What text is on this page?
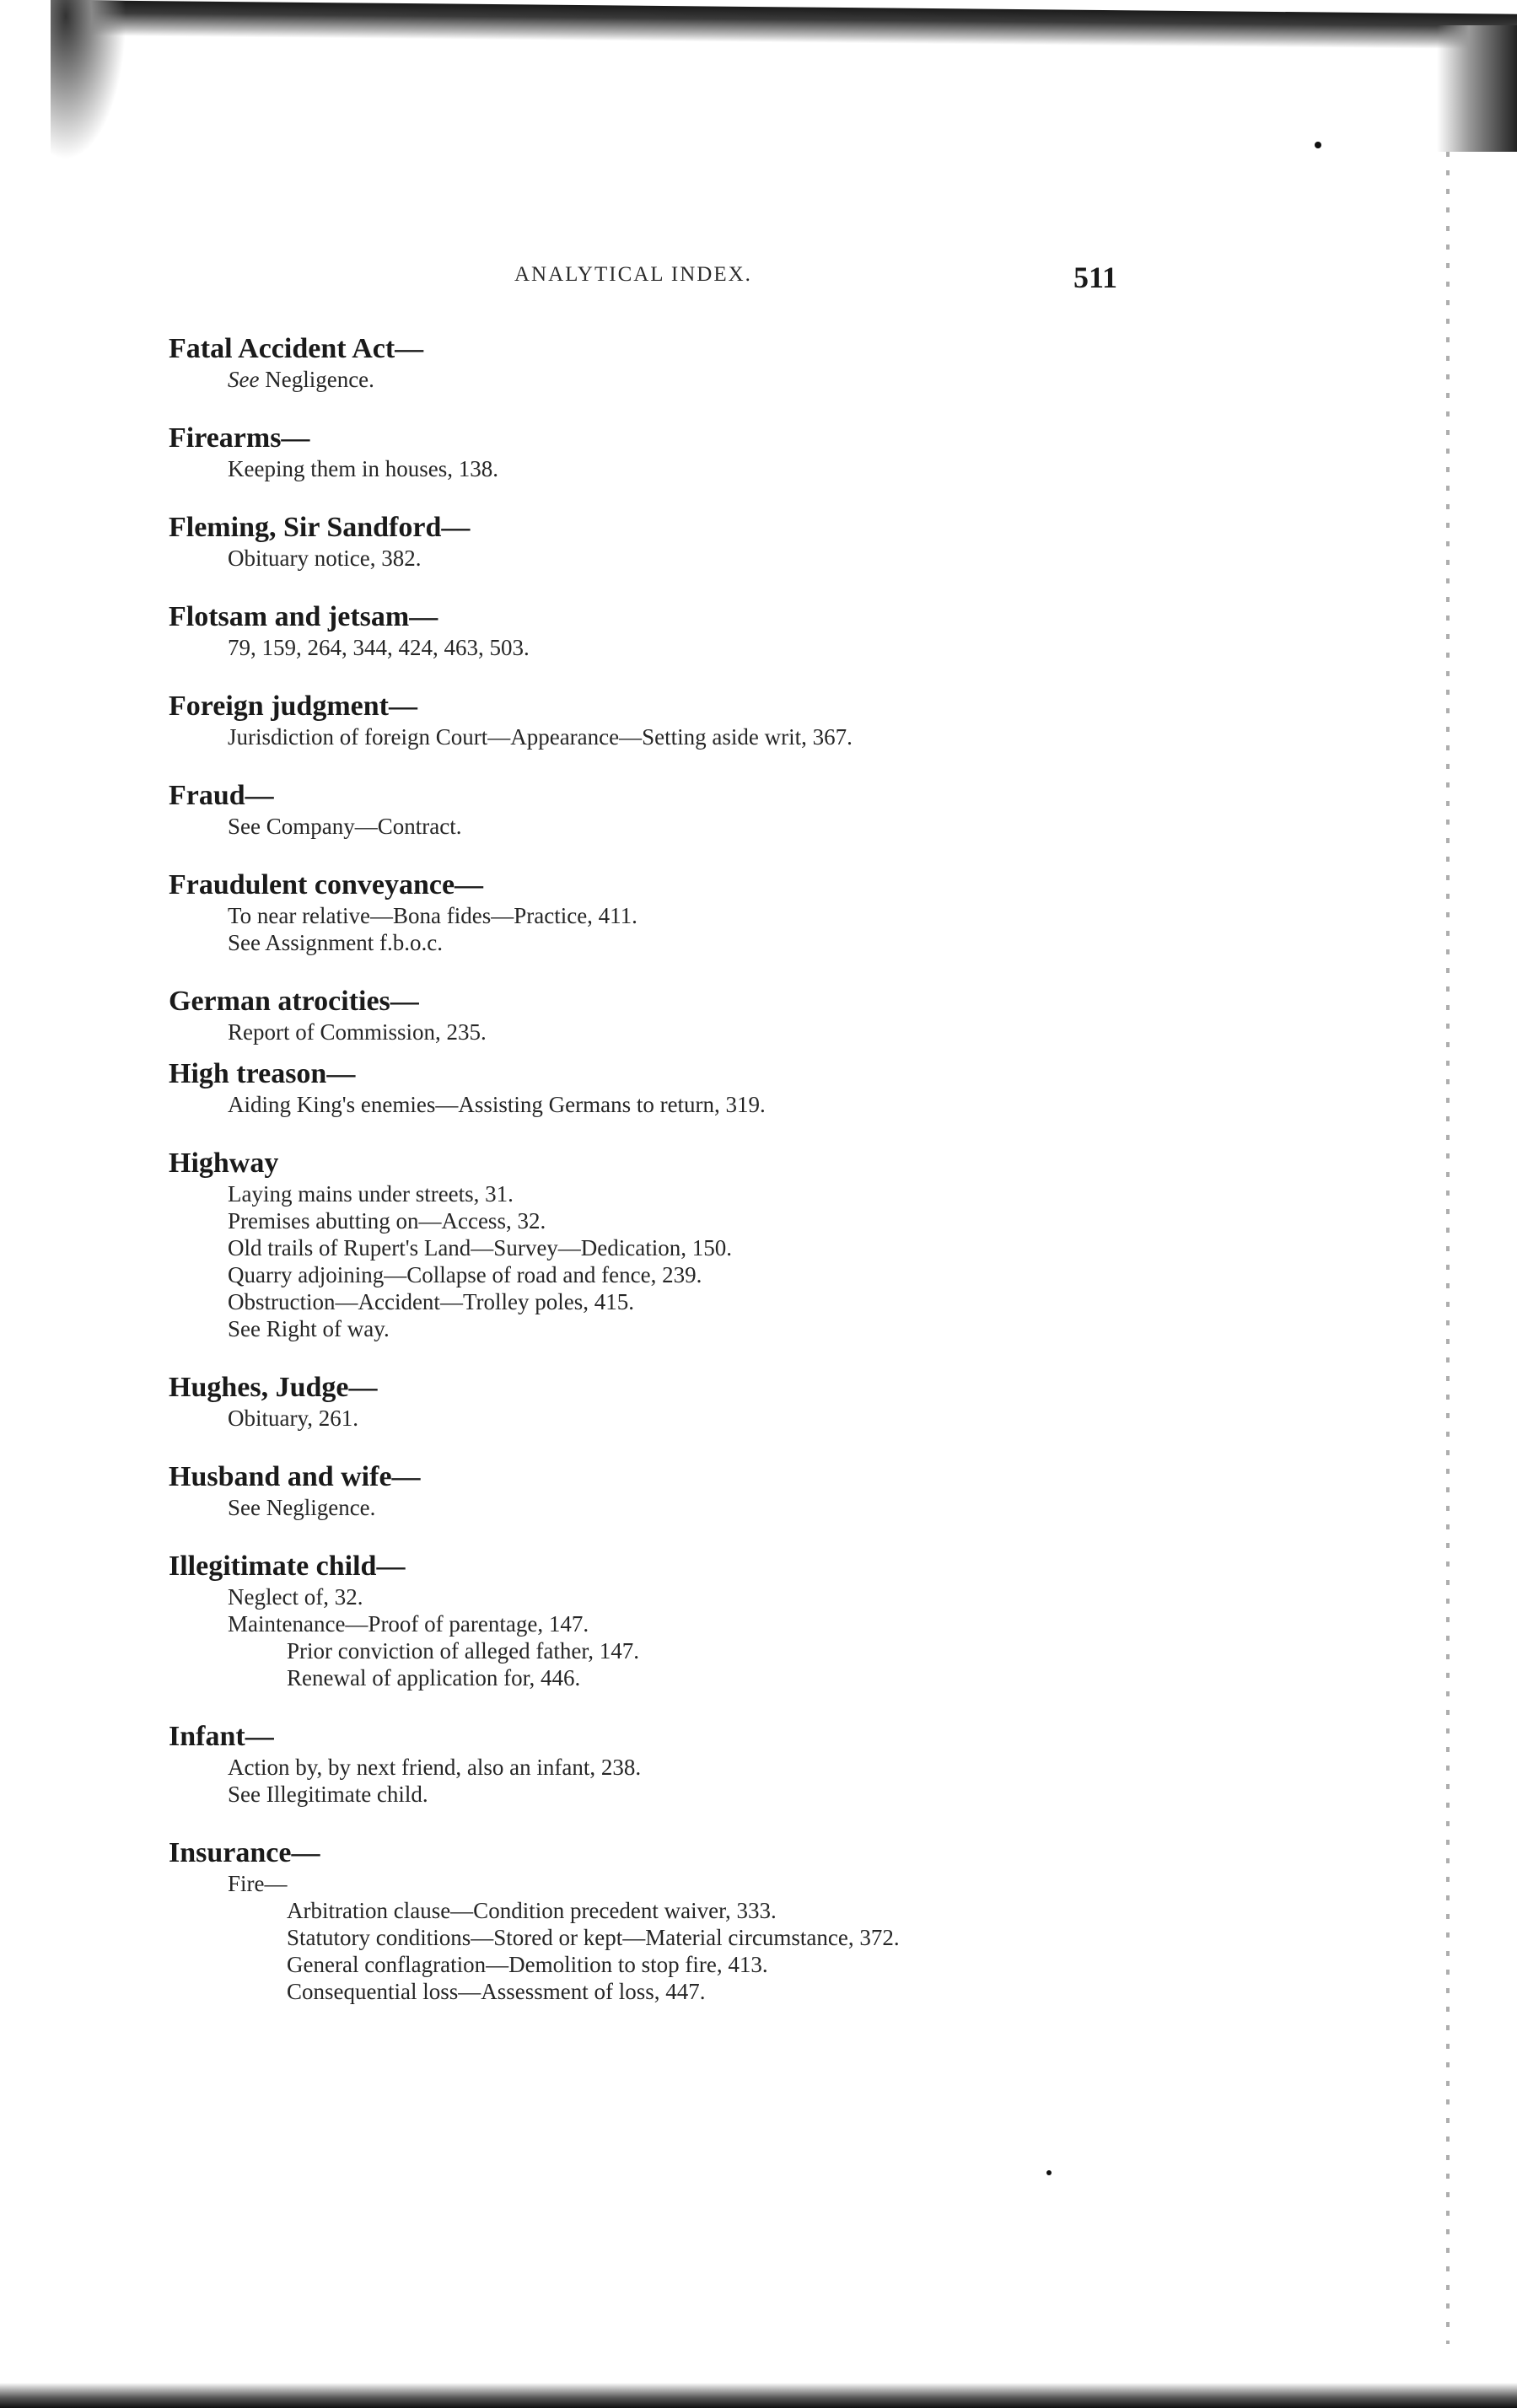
ANALYTICAL INDEX.	511
Fatal Accident Act—
See Negligence.
Firearms—
Keeping them in houses, 138.
Fleming, Sir Sandford—
Obituary notice, 382.
Flotsam and jetsam—
79, 159, 264, 344, 424, 463, 503.
Foreign judgment—
Jurisdiction of foreign Court—Appearance—Setting aside writ, 367.
Fraud—
See Company—Contract.
Fraudulent conveyance—
To near relative—Bona fides—Practice, 411.
See Assignment f.b.o.c.
German atrocities—
Report of Commission, 235.
High treason—
Aiding King's enemies—Assisting Germans to return, 319.
Highway
Laying mains under streets, 31.
Premises abutting on—Access, 32.
Old trails of Rupert's Land—Survey—Dedication, 150.
Quarry adjoining—Collapse of road and fence, 239.
Obstruction—Accident—Trolley poles, 415.
See Right of way.
Hughes, Judge—
Obituary, 261.
Husband and wife—
See Negligence.
Illegitimate child—
Neglect of, 32.
Maintenance—Proof of parentage, 147.
Prior conviction of alleged father, 147.
Renewal of application for, 446.
Infant—
Action by, by next friend, also an infant, 238.
See Illegitimate child.
Insurance—
Fire—
Arbitration clause—Condition precedent waiver, 333.
Statutory conditions—Stored or kept—Material circumstance, 372.
General conflagration—Demolition to stop fire, 413.
Consequential loss—Assessment of loss, 447.
